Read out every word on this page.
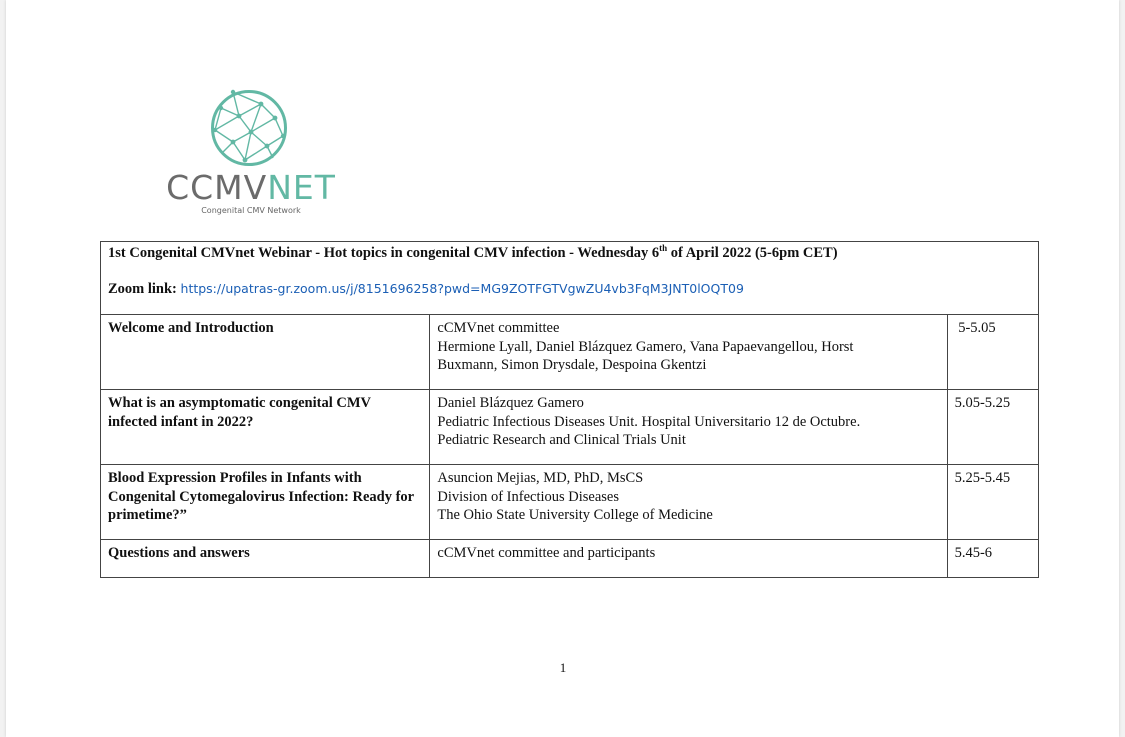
CCMVNET
Congenital CMV Network
1st Congenital CMVnet Webinar - Hot topics in congenital CMV infection - Wednesday 6th of April 2022 (5-6pm CET)
Zoom link: https://upatras-gr.zoom.us/j/8151696258?pwd=MG9ZOTFGTVgwZU4vb3FqM3JNT0lOQT09		

Welcome and Introduction	cCMVnet committee
Hermione Lyall, Daniel Blázquez Gamero, Vana Papaevangellou, Horst
Buxmann, Simon Drysdale, Despoina Gkentzi	5-5.05
What is an asymptomatic congenital CMV infected infant in 2022?	Daniel Blázquez Gamero
Pediatric Infectious Diseases Unit. Hospital Universitario 12 de Octubre.
Pediatric Research and Clinical Trials Unit	5.05-5.25
Blood Expression Profiles in Infants with Congenital Cytomegalovirus Infection: Ready for primetime?”	Asuncion Mejias, MD, PhD, MsCS
Division of Infectious Diseases
The Ohio State University College of Medicine	5.25-5.45
Questions and answers	cCMVnet committee and participants	5.45-6
1
